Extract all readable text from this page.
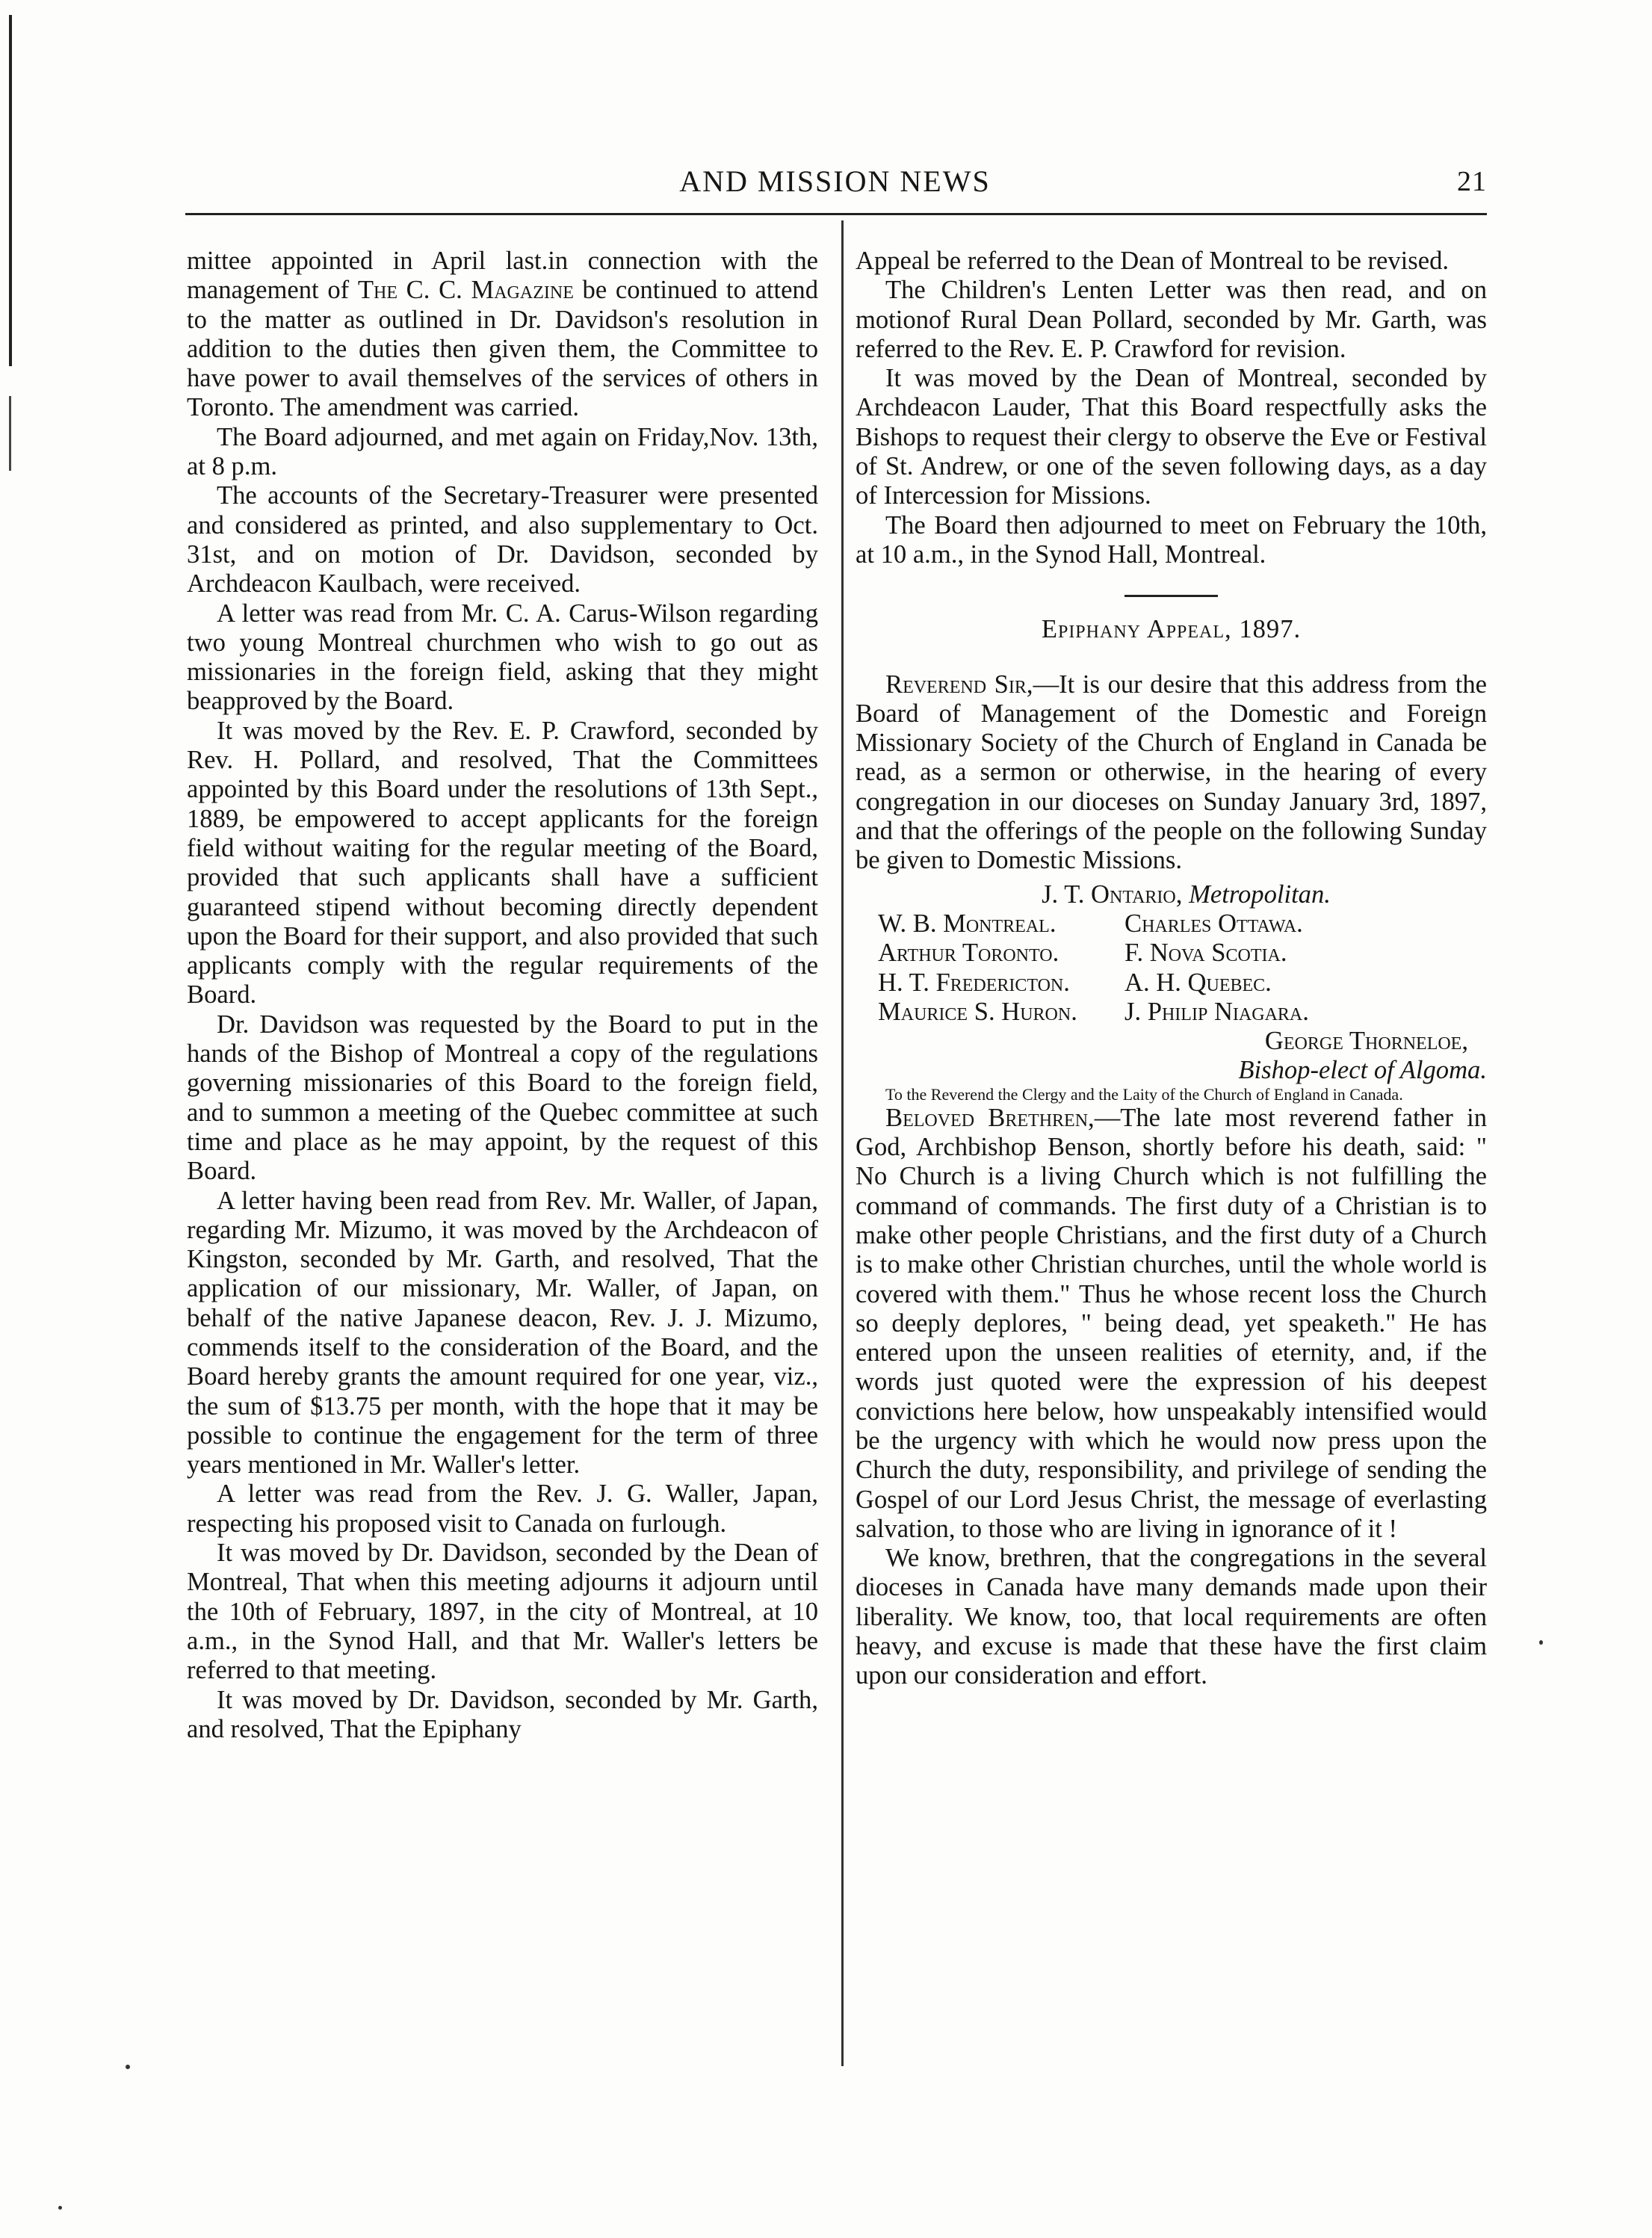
AND MISSION NEWS	21

mittee appointed in April last.in connection with the management of The C. C. Magazine be continued to attend to the matter as outlined in Dr. Davidson's resolution in addition to the duties then given them, the Committee to have power to avail themselves of the services of others in Toronto. The amendment was carried.

The Board adjourned, and met again on Friday,Nov. 13th, at 8 p.m.

The accounts of the Secretary-Treasurer were presented and considered as printed, and also supplementary to Oct. 31st, and on motion of Dr. Davidson, seconded by Archdeacon Kaulbach, were received.

A letter was read from Mr. C. A. Carus-Wilson regarding two young Montreal churchmen who wish to go out as missionaries in the foreign field, asking that they might beapproved by the Board.

It was moved by the Rev. E. P. Crawford, seconded by Rev. H. Pollard, and resolved, That the Committees appointed by this Board under the resolutions of 13th Sept., 1889, be empowered to accept applicants for the foreign field without waiting for the regular meeting of the Board, provided that such applicants shall have a sufficient guaranteed stipend without becoming directly dependent upon the Board for their support, and also provided that such applicants comply with the regular requirements of the Board.

Dr. Davidson was requested by the Board to put in the hands of the Bishop of Montreal a copy of the regulations governing missionaries of this Board to the foreign field, and to summon a meeting of the Quebec committee at such time and place as he may appoint, by the request of this Board.

A letter having been read from Rev. Mr. Waller, of Japan, regarding Mr. Mizumo, it was moved by the Archdeacon of Kingston, seconded by Mr. Garth, and resolved, That the application of our missionary, Mr. Waller, of Japan, on behalf of the native Japanese deacon, Rev. J. J. Mizumo, commends itself to the consideration of the Board, and the Board hereby grants the amount required for one year, viz., the sum of $13.75 per month, with the hope that it may be possible to continue the engagement for the term of three years mentioned in Mr. Waller's letter.

A letter was read from the Rev. J. G. Waller, Japan, respecting his proposed visit to Canada on furlough.

It was moved by Dr. Davidson, seconded by the Dean of Montreal, That when this meeting adjourns it adjourn until the 10th of February, 1897, in the city of Montreal, at 10 a.m., in the Synod Hall, and that Mr. Waller's letters be referred to that meeting.

It was moved by Dr. Davidson, seconded by Mr. Garth, and resolved, That the Epiphany

Appeal be referred to the Dean of Montreal to be revised.

The Children's Lenten Letter was then read, and on motionof Rural Dean Pollard, seconded by Mr. Garth, was referred to the Rev. E. P. Crawford for revision.

It was moved by the Dean of Montreal, seconded by Archdeacon Lauder, That this Board respectfully asks the Bishops to request their clergy to observe the Eve or Festival of St. Andrew, or one of the seven following days, as a day of Intercession for Missions.

The Board then adjourned to meet on February the 10th, at 10 a.m., in the Synod Hall, Montreal.

Epiphany Appeal, 1897.

Reverend Sir,—It is our desire that this address from the Board of Management of the Domestic and Foreign Missionary Society of the Church of England in Canada be read, as a sermon or otherwise, in the hearing of every congregation in our dioceses on Sunday January 3rd, 1897, and that the offerings of the people on the following Sunday be given to Domestic Missions.

J. T. Ontario, Metropolitan.

W. B. Montreal.	Charles Ottawa.
Arthur Toronto.	F. Nova Scotia.
H. T. Fredericton.	A. H. Quebec.
Maurice S. Huron.	J. Philip Niagara.

George Thorneloe,

Bishop-elect of Algoma.

To the Reverend the Clergy and the Laity of the Church of England in Canada.

Beloved Brethren,—The late most reverend father in God, Archbishop Benson, shortly before his death, said: " No Church is a living Church which is not fulfilling the command of commands. The first duty of a Christian is to make other people Christians, and the first duty of a Church is to make other Christian churches, until the whole world is covered with them." Thus he whose recent loss the Church so deeply deplores, " being dead, yet speaketh." He has entered upon the unseen realities of eternity, and, if the words just quoted were the expression of his deepest convictions here below, how unspeakably intensified would be the urgency with which he would now press upon the Church the duty, responsibility, and privilege of sending the Gospel of our Lord Jesus Christ, the message of everlasting salvation, to those who are living in ignorance of it !

We know, brethren, that the congregations in the several dioceses in Canada have many demands made upon their liberality. We know, too, that local requirements are often heavy, and excuse is made that these have the first claim upon our consideration and effort.
